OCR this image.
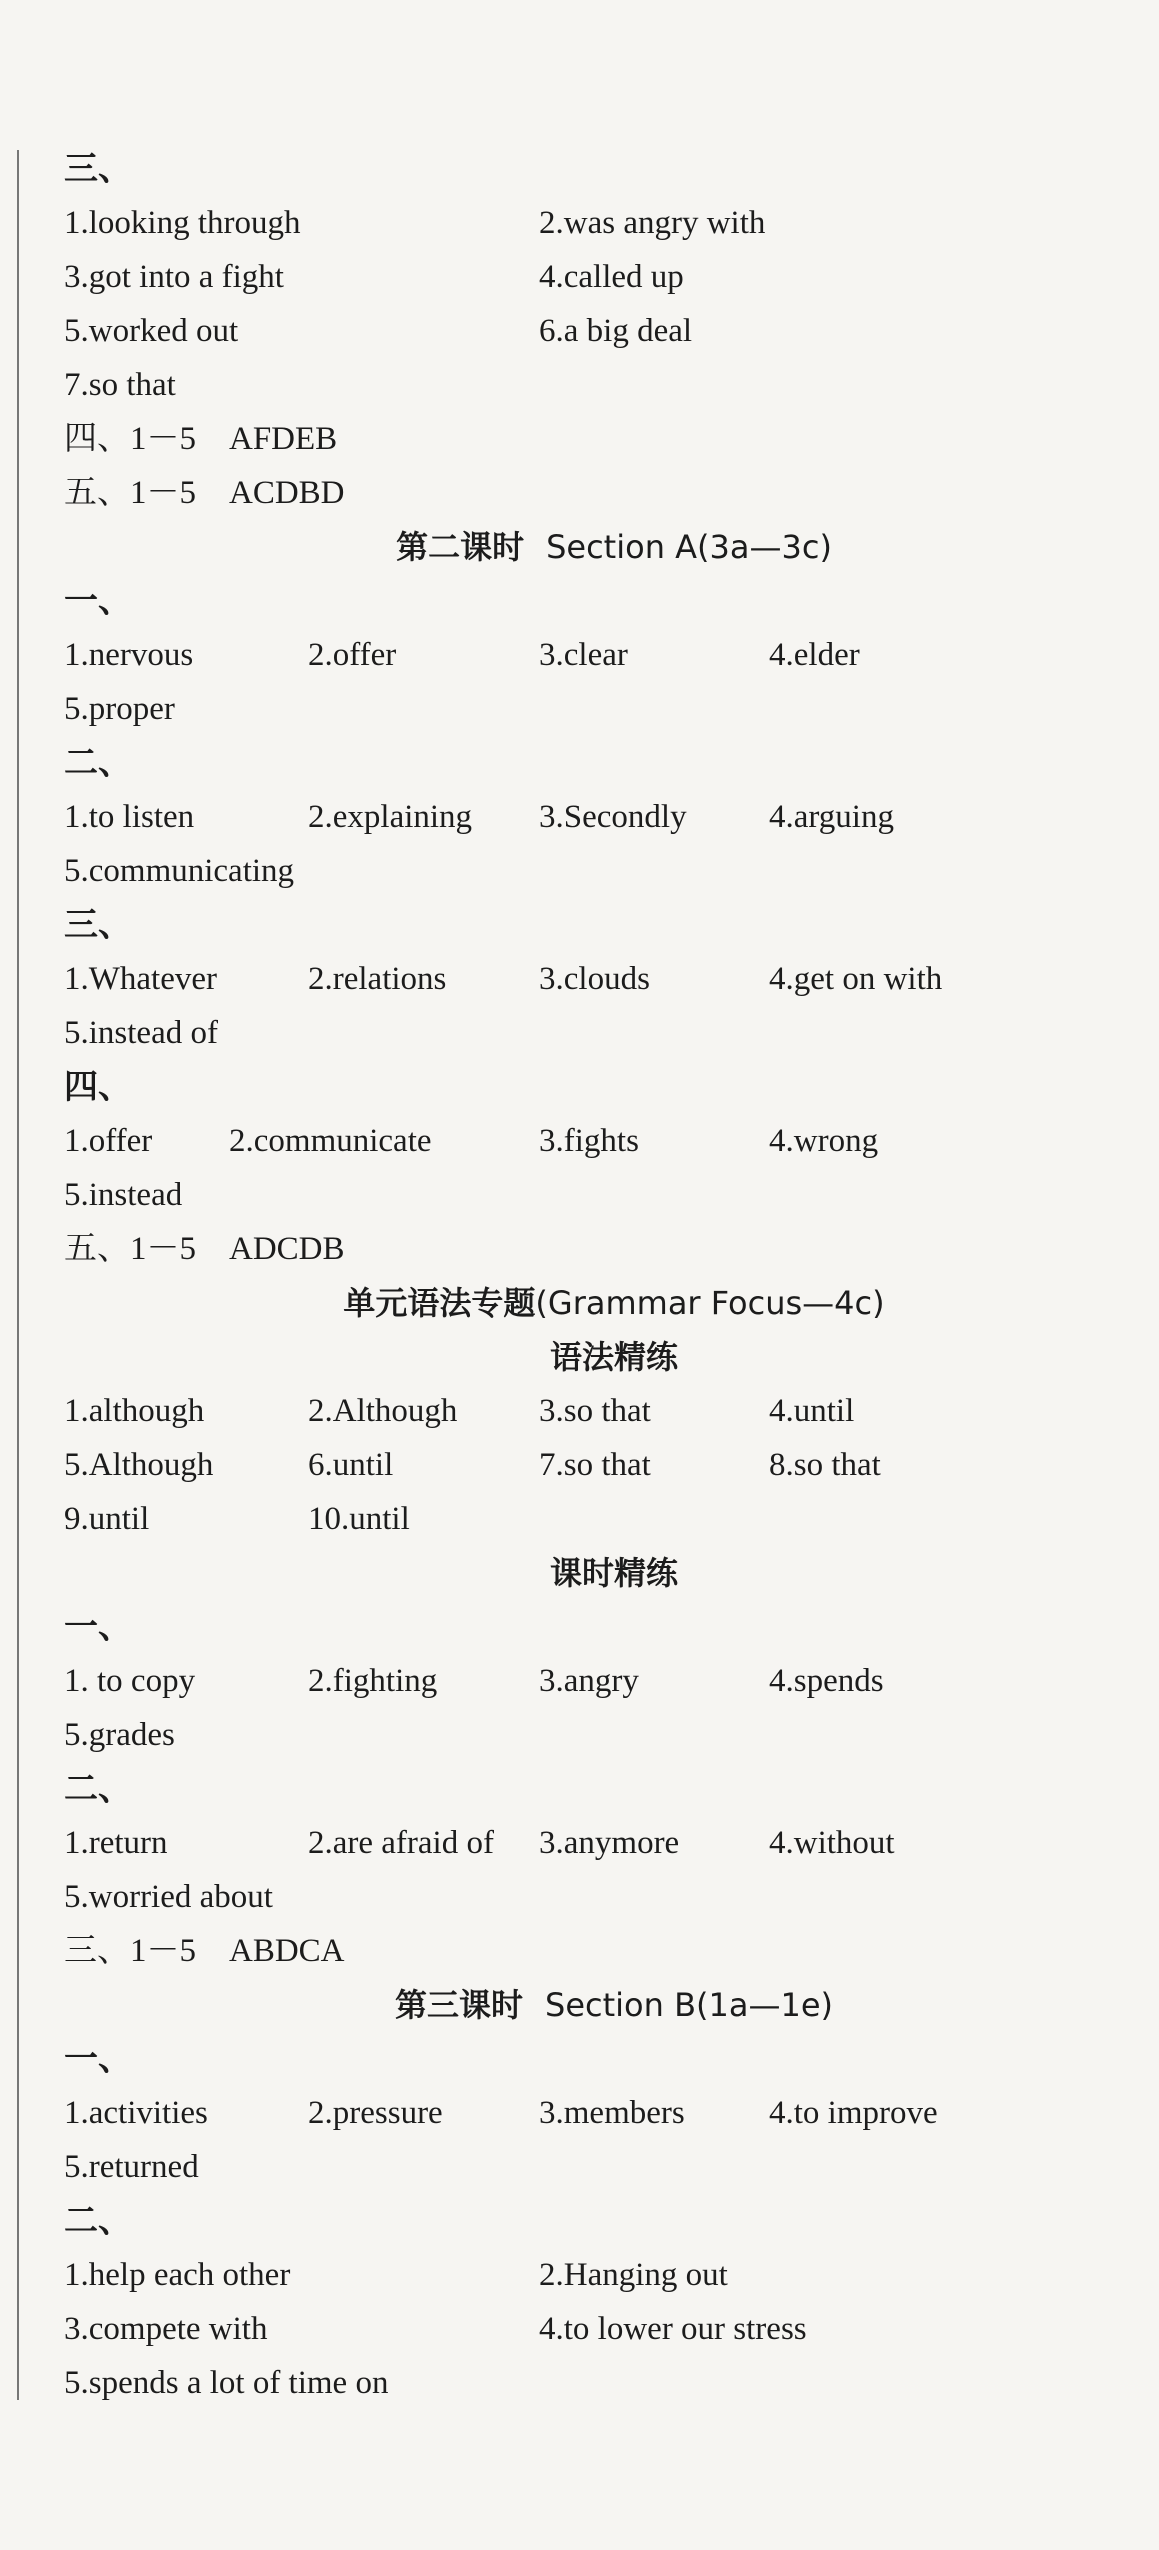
三、
1.looking through	2.was angry with
3.got into a fight	4.called up
5.worked out	6.a big deal
7.so that
四、1－5　AFDEB
五、1－5　ACDBD
第二课时 Section A(3a—3c)
一、
1.nervous	2.offer	3.clear	4.elder
5.proper
二、
1.to listen	2.explaining 3.Secondly 4.arguing
5.communicating
三、
1.Whatever	2.relations	3.clouds	4.get on with
5.instead of
四、
1.offer 2.communicate	3.fights	4.wrong
5.instead
五、1－5　ADCDB
单元语法专题(Grammar Focus—4c)
语法精练
1.although	2.Although 3.so that	4.until
5.Although	6.until	7.so that	8.so that
9.until	10.until
课时精练
一、
1. to copy	2.fighting	3.angry	4.spends
5.grades
二、
1.return	2.are afraid of 3.anymore	4.without
5.worried about
三、1－5　ABDCA
第三课时 Section B(1a—1e)
一、
1.activities	2.pressure	3.members	4.to improve
5.returned
二、
1.help each other	2.Hanging out
3.compete with	4.to lower our stress
5.spends a lot of time on
